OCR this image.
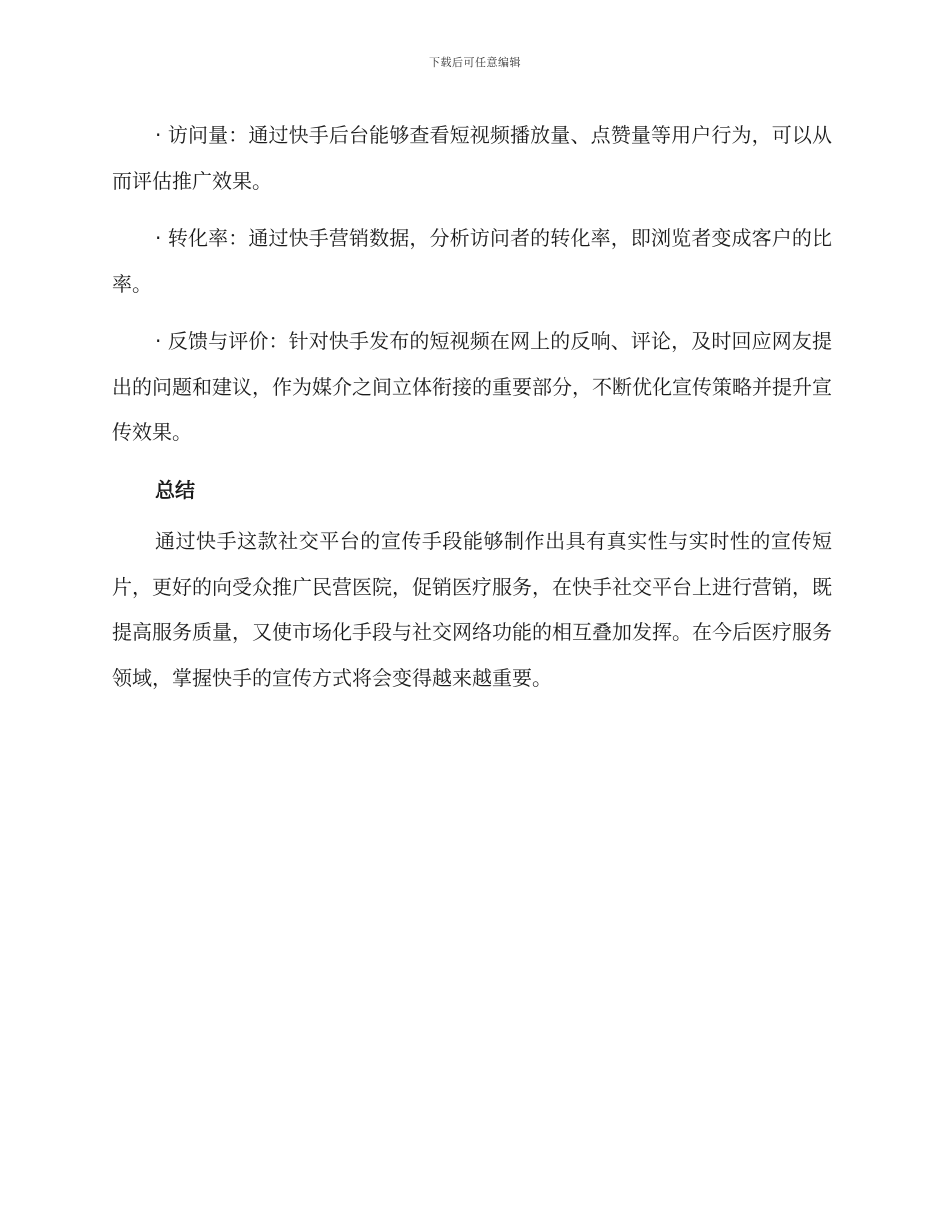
下载后可任意编辑

· 访问量：通过快手后台能够查看短视频播放量、点赞量等用户行为，可以从而评估推广效果。

· 转化率：通过快手营销数据，分析访问者的转化率，即浏览者变成客户的比率。

· 反馈与评价：针对快手发布的短视频在网上的反响、评论，及时回应网友提出的问题和建议，作为媒介之间立体衔接的重要部分，不断优化宣传策略并提升宣传效果。

总结

通过快手这款社交平台的宣传手段能够制作出具有真实性与实时性的宣传短片，更好的向受众推广民营医院，促销医疗服务，在快手社交平台上进行营销，既提高服务质量，又使市场化手段与社交网络功能的相互叠加发挥。在今后医疗服务领域，掌握快手的宣传方式将会变得越来越重要。
